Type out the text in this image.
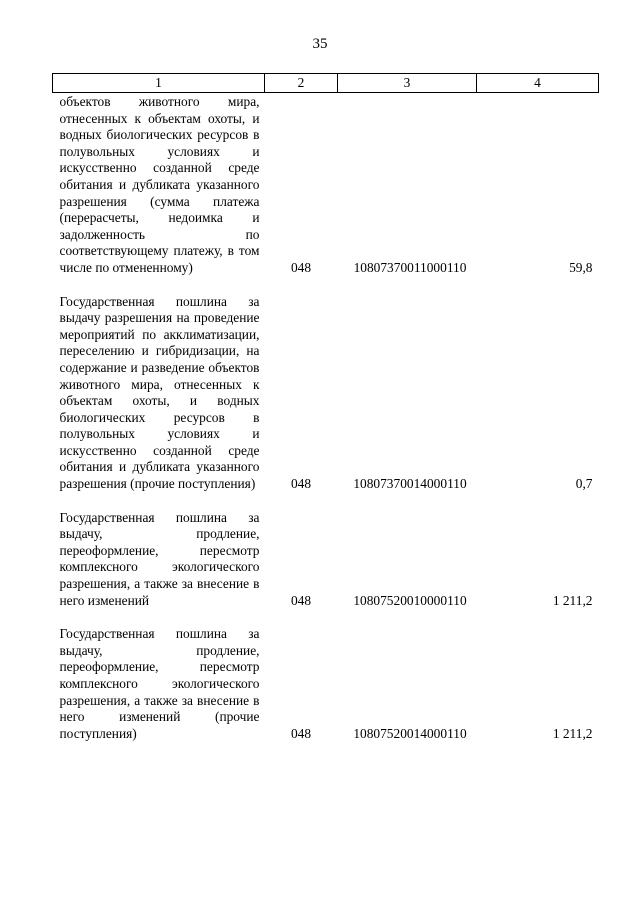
35
1	2	3	4
объектов животного мира, отнесенных к объектам охоты, и водных биологических ресурсов в полувольных условиях и искусственно созданной среде обитания и дубликата указанного разрешения (сумма платежа (перерасчеты, недоимка и задолженность по соответствующему платежу, в том числе по отмененному)	048	10807370011000110	59,8
Государственная пошлина за выдачу разрешения на проведение мероприятий по акклиматизации, переселению и гибридизации, на содержание и разведение объектов животного мира, отнесенных к объектам охоты, и водных биологических ресурсов в полувольных условиях и искусственно созданной среде обитания и дубликата указанного разрешения (прочие поступления)	048	10807370014000110	0,7
Государственная пошлина за выдачу, продление, переоформление, пересмотр комплексного экологического разрешения, а также за внесение в него изменений	048	10807520010000110	1 211,2
Государственная пошлина за выдачу, продление, переоформление, пересмотр комплексного экологического разрешения, а также за внесение в него изменений (прочие поступления)	048	10807520014000110	1 211,2
